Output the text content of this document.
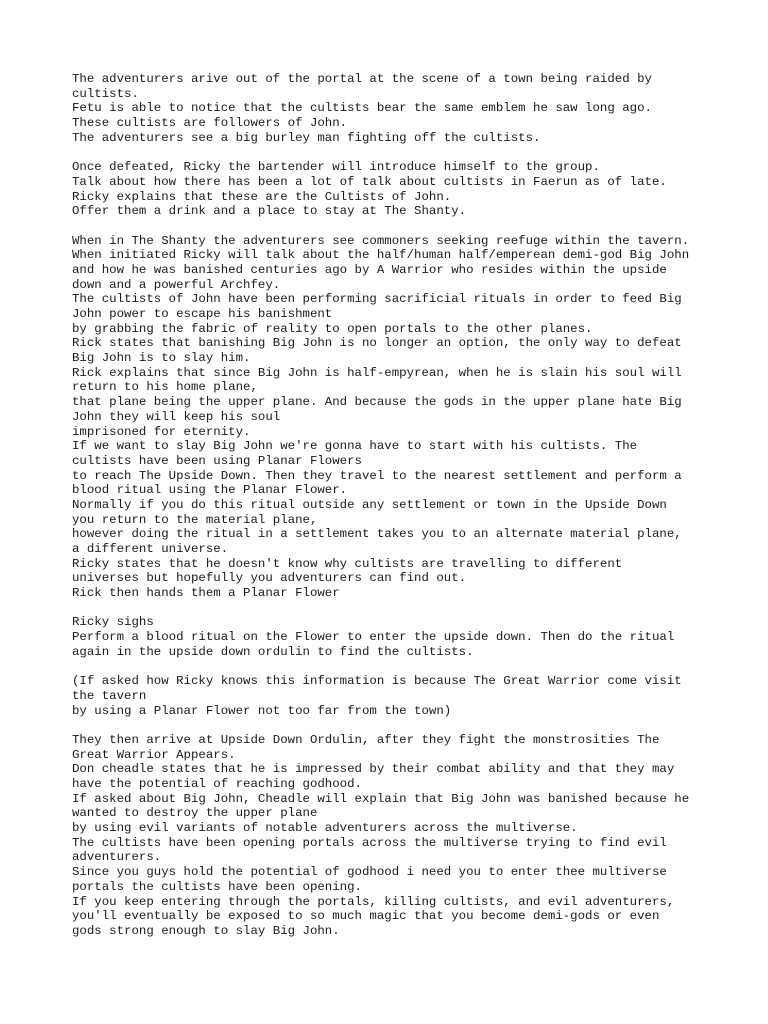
The adventurers arive out of the portal at the scene of a town being raided by
cultists.
Fetu is able to notice that the cultists bear the same emblem he saw long ago.
These cultists are followers of John.
The adventurers see a big burley man fighting off the cultists.
Once defeated, Ricky the bartender will introduce himself to the group.
Talk about how there has been a lot of talk about cultists in Faerun as of late.
Ricky explains that these are the Cultists of John.
Offer them a drink and a place to stay at The Shanty.
When in The Shanty the adventurers see commoners seeking reefuge within the tavern.
When initiated Ricky will talk about the half/human half/emperean demi-god Big John
and how he was banished centuries ago by A Warrior who resides within the upside
down and a powerful Archfey.
The cultists of John have been performing sacrificial rituals in order to feed Big
John power to escape his banishment
by grabbing the fabric of reality to open portals to the other planes.
Rick states that banishing Big John is no longer an option, the only way to defeat
Big John is to slay him.
Rick explains that since Big John is half-empyrean, when he is slain his soul will
return to his home plane,
that plane being the upper plane. And because the gods in the upper plane hate Big
John they will keep his soul
imprisoned for eternity.
If we want to slay Big John we're gonna have to start with his cultists. The
cultists have been using Planar Flowers
to reach The Upside Down. Then they travel to the nearest settlement and perform a
blood ritual using the Planar Flower.
Normally if you do this ritual outside any settlement or town in the Upside Down
you return to the material plane,
however doing the ritual in a settlement takes you to an alternate material plane,
a different universe.
Ricky states that he doesn't know why cultists are travelling to different
universes but hopefully you adventurers can find out.
Rick then hands them a Planar Flower
Ricky sighs
Perform a blood ritual on the Flower to enter the upside down. Then do the ritual
again in the upside down ordulin to find the cultists.
(If asked how Ricky knows this information is because The Great Warrior come visit
the tavern
by using a Planar Flower not too far from the town)
They then arrive at Upside Down Ordulin, after they fight the monstrosities The
Great Warrior Appears.
Don cheadle states that he is impressed by their combat ability and that they may
have the potential of reaching godhood.
If asked about Big John, Cheadle will explain that Big John was banished because he
wanted to destroy the upper plane
by using evil variants of notable adventurers across the multiverse.
The cultists have been opening portals across the multiverse trying to find evil
adventurers.
Since you guys hold the potential of godhood i need you to enter thee multiverse
portals the cultists have been opening.
If you keep entering through the portals, killing cultists, and evil adventurers,
you'll eventually be exposed to so much magic that you become demi-gods or even
gods strong enough to slay Big John.
